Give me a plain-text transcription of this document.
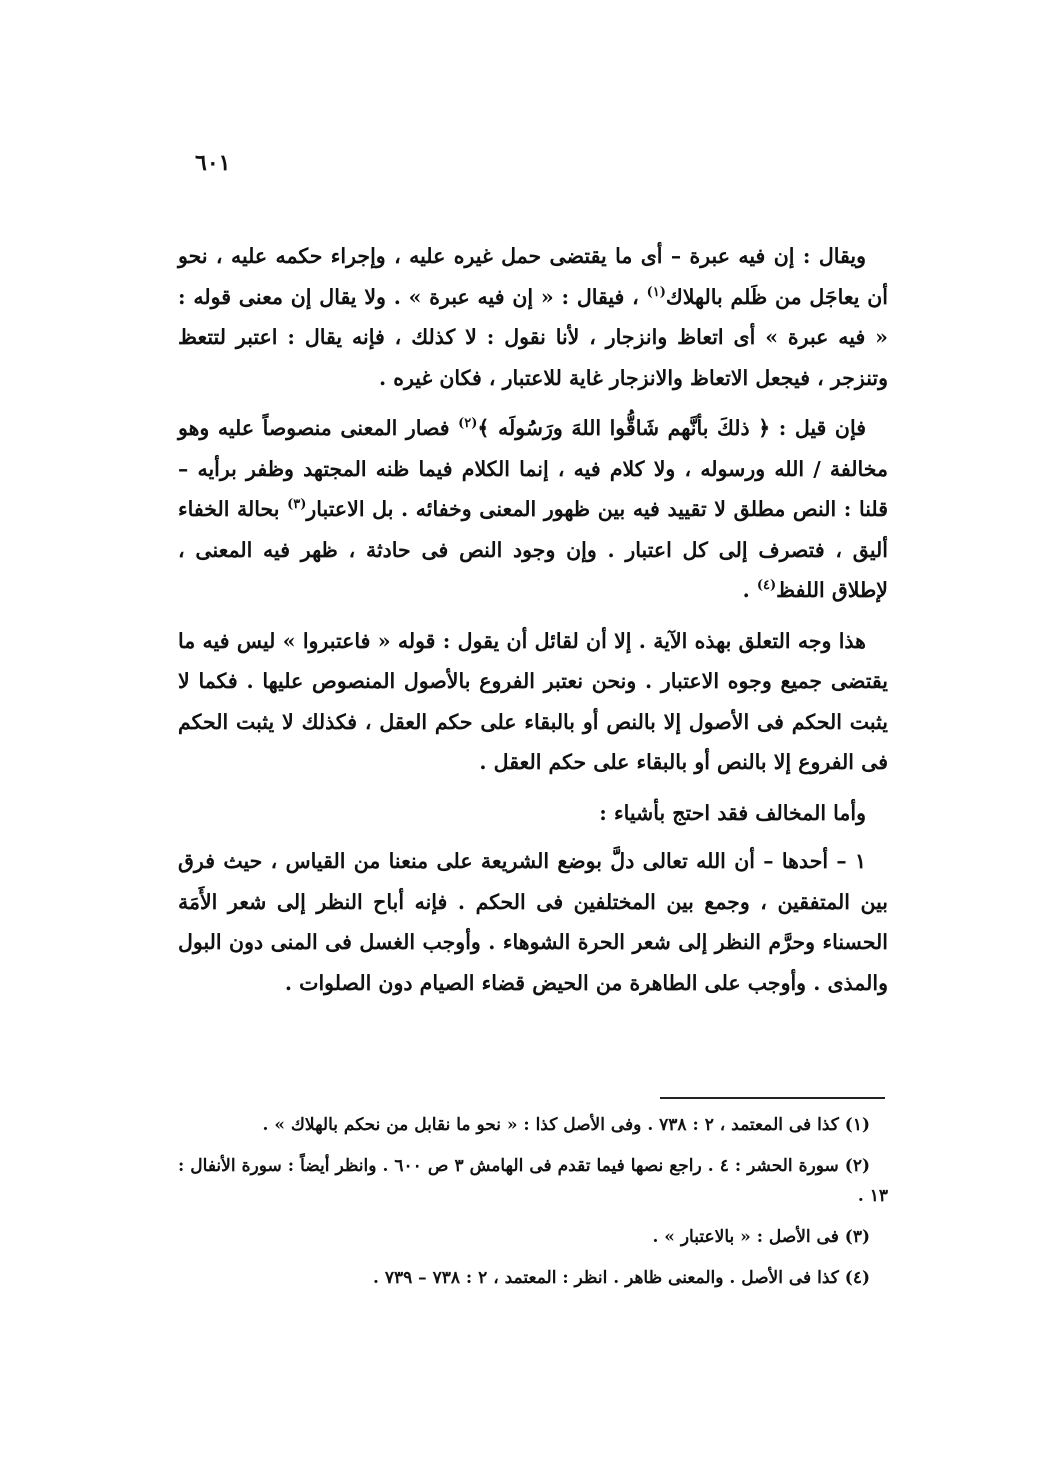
٦٠١

ويقال : إن فيه عبرة – أى ما يقتضى حمل غيره عليه ، وإجراء حكمه عليه ، نحو أن يعاجَل من ظَلم بالهلاك$^{(١)}$ ، فيقال : « إن فيه عبرة » . ولا يقال إن معنى قوله : « فيه عبرة » أى اتعاظ وانزجار ، لأنا نقول : لا كذلك ، فإنه يقال : اعتبر لتتعظ وتنزجر ، فيجعل الاتعاظ والانزجار غاية للاعتبار ، فكان غيره .

فإن قيل : ﴿ ذلكَ بأنَّهم شَاقُّوا اللهَ ورَسُولَه ﴾$^{(٢)}$ فصار المعنى منصوصاً عليه وهو مخالفة / الله ورسوله ، ولا كلام فيه ، إنما الكلام فيما ظنه المجتهد وظفر برأيه – قلنا : النص مطلق لا تقييد فيه بين ظهور المعنى وخفائه . بل الاعتبار$^{(٣)}$ بحالة الخفاء أليق ، فتصرف إلى كل اعتبار . وإن وجود النص فى حادثة ، ظهر فيه المعنى ، لإطلاق اللفظ$^{(٤)}$ .

هذا وجه التعلق بهذه الآية . إلا أن لقائل أن يقول : قوله « فاعتبروا » ليس فيه ما يقتضى جميع وجوه الاعتبار . ونحن نعتبر الفروع بالأصول المنصوص عليها . فكما لا يثبت الحكم فى الأصول إلا بالنص أو بالبقاء على حكم العقل ، فكذلك لا يثبت الحكم فى الفروع إلا بالنص أو بالبقاء على حكم العقل .

وأما المخالف فقد احتج بأشياء :

١ – أحدها – أن الله تعالى دلَّ بوضع الشريعة على منعنا من القياس ، حيث فرق بين المتفقين ، وجمع بين المختلفين فى الحكم . فإنه أباح النظر إلى شعر الأَمَة الحسناء وحرَّم النظر إلى شعر الحرة الشوهاء . وأوجب الغسل فى المنى دون البول والمذى . وأوجب على الطاهرة من الحيض قضاء الصيام دون الصلوات .

(١) كذا فى المعتمد ، ٢ : ٧٣٨ . وفى الأصل كذا : « نحو ما نقابل من نحكم بالهلاك » .

(٢) سورة الحشر : ٤ . راجع نصها فيما تقدم فى الهامش ٣ ص ٦٠٠ . وانظر أيضاً : سورة الأنفال : ١٣ .

(٣) فى الأصل : « بالاعتبار » .

(٤) كذا فى الأصل . والمعنى ظاهر . انظر : المعتمد ، ٢ : ٧٣٨ – ٧٣٩ .
